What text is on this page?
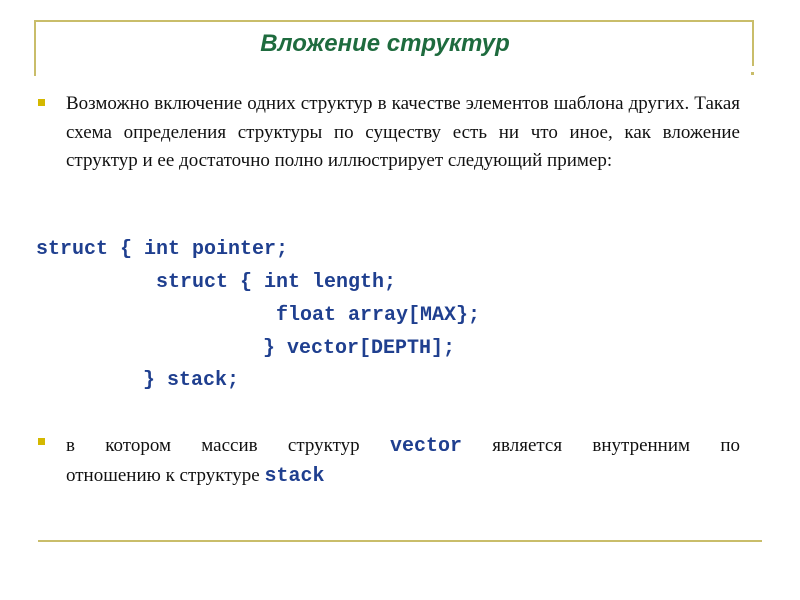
Вложение структур
Возможно включение одних структур в качестве элементов шаблона других. Такая схема определения структуры по существу есть ни что иное, как вложение структур и ее достаточно полно иллюстрирует следующий пример:
struct { int pointer;
struct { int length;
float array[MAX};
} vector[DEPTH];
} stack;
в котором массив структур vector является внутренним по
отношению к структуре stack
